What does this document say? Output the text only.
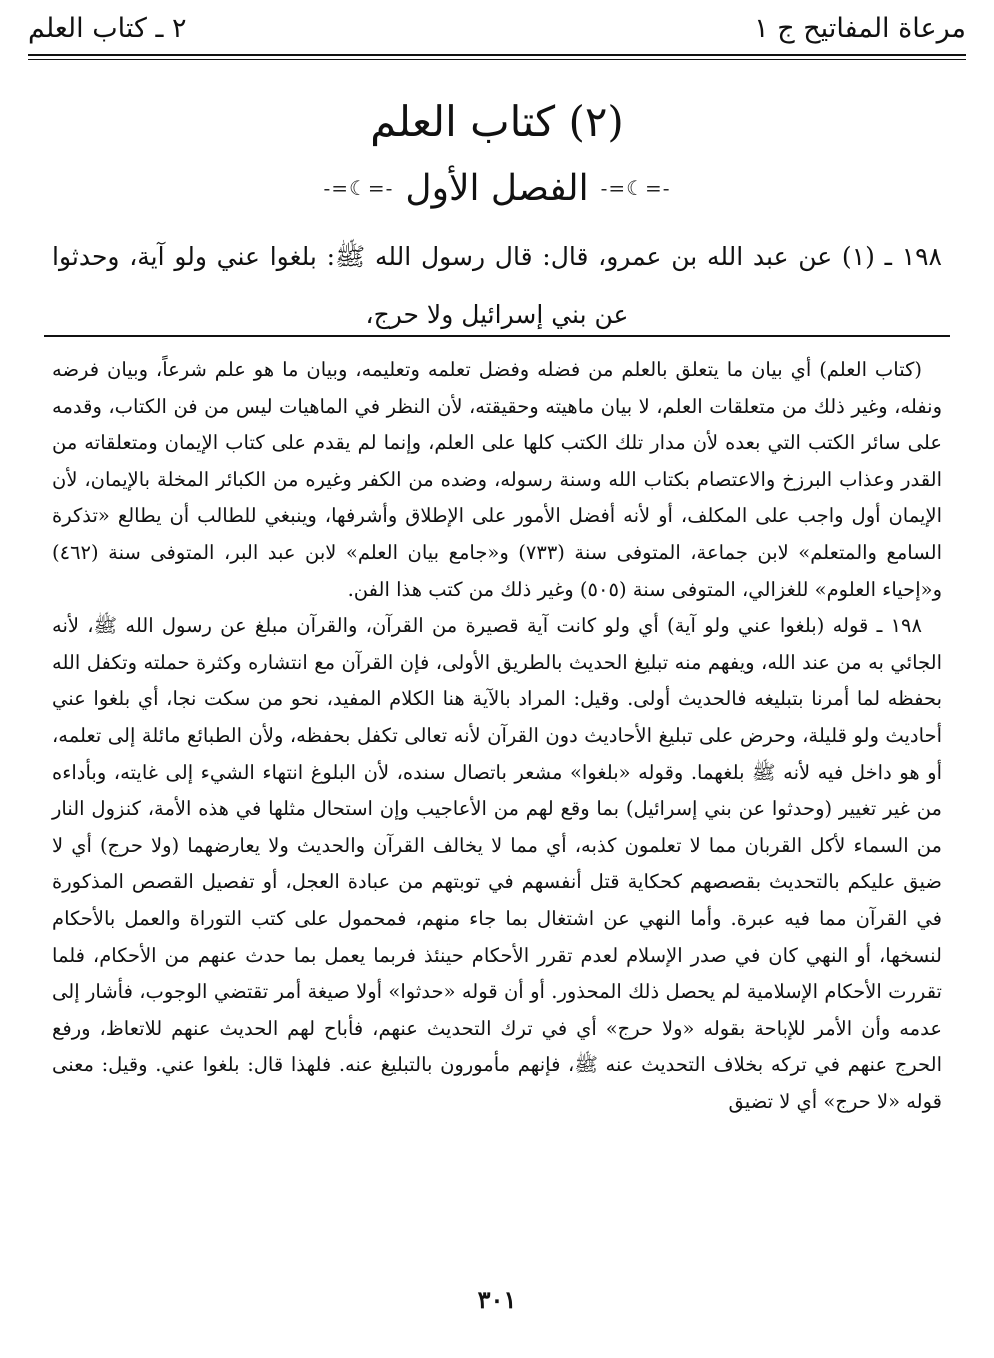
مرعاة المفاتيح ج ١
٢ ـ كتاب العلم
(٢) كتاب العلم
-=☾=-
الفصل الأول
-=☾=-
١٩٨ ـ (١) عن عبد الله بن عمرو، قال: قال رسول الله ﷺ: بلغوا عني ولو آية، وحدثوا عن بني إسرائيل ولا حرج،

(كتاب العلم) أي بيان ما يتعلق بالعلم من فضله وفضل تعلمه وتعليمه، وبيان ما هو علم شرعاً، وبيان فرضه ونفله، وغير ذلك من متعلقات العلم، لا بيان ماهيته وحقيقته، لأن النظر في الماهيات ليس من فن الكتاب، وقدمه على سائر الكتب التي بعده لأن مدار تلك الكتب كلها على العلم، وإنما لم يقدم على كتاب الإيمان ومتعلقاته من القدر وعذاب البرزخ والاعتصام بكتاب الله وسنة رسوله، وضده من الكفر وغيره من الكبائر المخلة بالإيمان، لأن الإيمان أول واجب على المكلف، أو لأنه أفضل الأمور على الإطلاق وأشرفها، وينبغي للطالب أن يطالع «تذكرة السامع والمتعلم» لابن جماعة، المتوفى سنة (٧٣٣) و«جامع بيان العلم» لابن عبد البر، المتوفى سنة (٤٦٢) و«إحياء العلوم» للغزالي، المتوفى سنة (٥٠٥) وغير ذلك من كتب هذا الفن.

١٩٨ ـ قوله (بلغوا عني ولو آية) أي ولو كانت آية قصيرة من القرآن، والقرآن مبلغ عن رسول الله ﷺ، لأنه الجائي به من عند الله، ويفهم منه تبليغ الحديث بالطريق الأولى، فإن القرآن مع انتشاره وكثرة حملته وتكفل الله بحفظه لما أمرنا بتبليغه فالحديث أولى. وقيل: المراد بالآية هنا الكلام المفيد، نحو من سكت نجا، أي بلغوا عني أحاديث ولو قليلة، وحرض على تبليغ الأحاديث دون القرآن لأنه تعالى تكفل بحفظه، ولأن الطبائع مائلة إلى تعلمه، أو هو داخل فيه لأنه ﷺ بلغهما. وقوله «بلغوا» مشعر باتصال سنده، لأن البلوغ انتهاء الشيء إلى غايته، وبأداءه من غير تغيير (وحدثوا عن بني إسرائيل) بما وقع لهم من الأعاجيب وإن استحال مثلها في هذه الأمة، كنزول النار من السماء لأكل القربان مما لا تعلمون كذبه، أي مما لا يخالف القرآن والحديث ولا يعارضهما (ولا حرج) أي لا ضيق عليكم بالتحديث بقصصهم كحكاية قتل أنفسهم في توبتهم من عبادة العجل، أو تفصيل القصص المذكورة في القرآن مما فيه عبرة. وأما النهي عن اشتغال بما جاء منهم، فمحمول على كتب التوراة والعمل بالأحكام لنسخها، أو النهي كان في صدر الإسلام لعدم تقرر الأحكام حينئذ فربما يعمل بما حدث عنهم من الأحكام، فلما تقررت الأحكام الإسلامية لم يحصل ذلك المحذور. أو أن قوله «حدثوا» أولا صيغة أمر تقتضي الوجوب، فأشار إلى عدمه وأن الأمر للإباحة بقوله «ولا حرج» أي في ترك التحديث عنهم، فأباح لهم الحديث عنهم للاتعاظ، ورفع الحرج عنهم في تركه بخلاف التحديث عنه ﷺ، فإنهم مأمورون بالتبليغ عنه. فلهذا قال: بلغوا عني. وقيل: معنى قوله «لا حرج» أي لا تضيق

٣٠١
